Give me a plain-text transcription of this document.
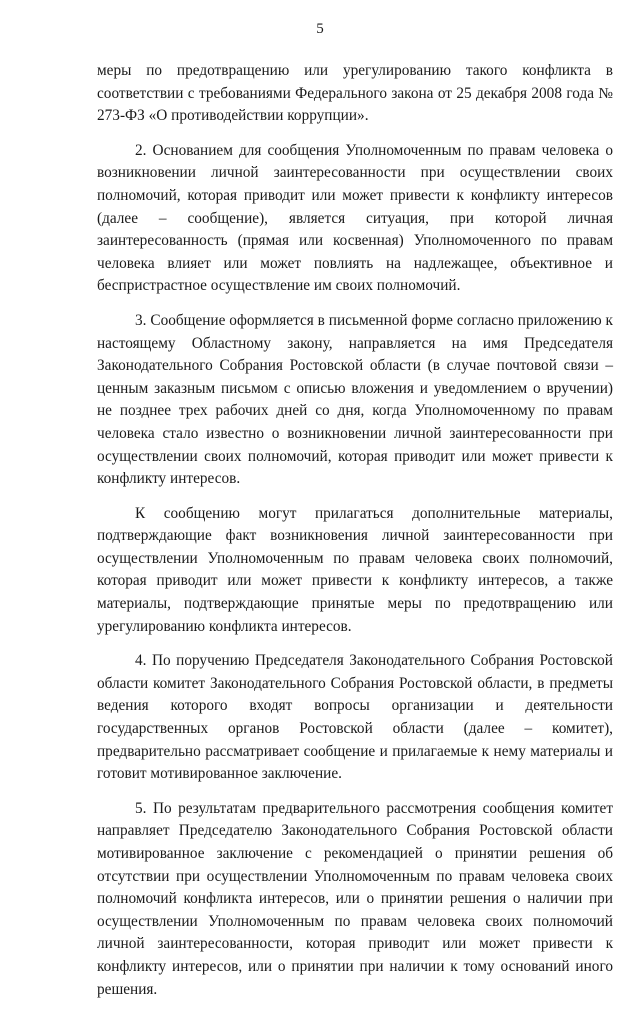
5

меры по предотвращению или урегулированию такого конфликта в соответствии с требованиями Федерального закона от 25 декабря 2008 года № 273-ФЗ «О противодействии коррупции».

2. Основанием для сообщения Уполномоченным по правам человека о возникновении личной заинтересованности при осуществлении своих полномочий, которая приводит или может привести к конфликту интересов (далее – сообщение), является ситуация, при которой личная заинтересованность (прямая или косвенная) Уполномоченного по правам человека влияет или может повлиять на надлежащее, объективное и беспристрастное осуществление им своих полномочий.

3. Сообщение оформляется в письменной форме согласно приложению к настоящему Областному закону, направляется на имя Председателя Законодательного Собрания Ростовской области (в случае почтовой связи – ценным заказным письмом с описью вложения и уведомлением о вручении) не позднее трех рабочих дней со дня, когда Уполномоченному по правам человека стало известно о возникновении личной заинтересованности при осуществлении своих полномочий, которая приводит или может привести к конфликту интересов.

К сообщению могут прилагаться дополнительные материалы, подтверждающие факт возникновения личной заинтересованности при осуществлении Уполномоченным по правам человека своих полномочий, которая приводит или может привести к конфликту интересов, а также материалы, подтверждающие принятые меры по предотвращению или урегулированию конфликта интересов.

4. По поручению Председателя Законодательного Собрания Ростовской области комитет Законодательного Собрания Ростовской области, в предметы ведения которого входят вопросы организации и деятельности государственных органов Ростовской области (далее – комитет), предварительно рассматривает сообщение и прилагаемые к нему материалы и готовит мотивированное заключение.

5. По результатам предварительного рассмотрения сообщения комитет направляет Председателю Законодательного Собрания Ростовской области мотивированное заключение с рекомендацией о принятии решения об отсутствии при осуществлении Уполномоченным по правам человека своих полномочий конфликта интересов, или о принятии решения о наличии при осуществлении Уполномоченным по правам человека своих полномочий личной заинтересованности, которая приводит или может привести к конфликту интересов, или о принятии при наличии к тому оснований иного решения.
